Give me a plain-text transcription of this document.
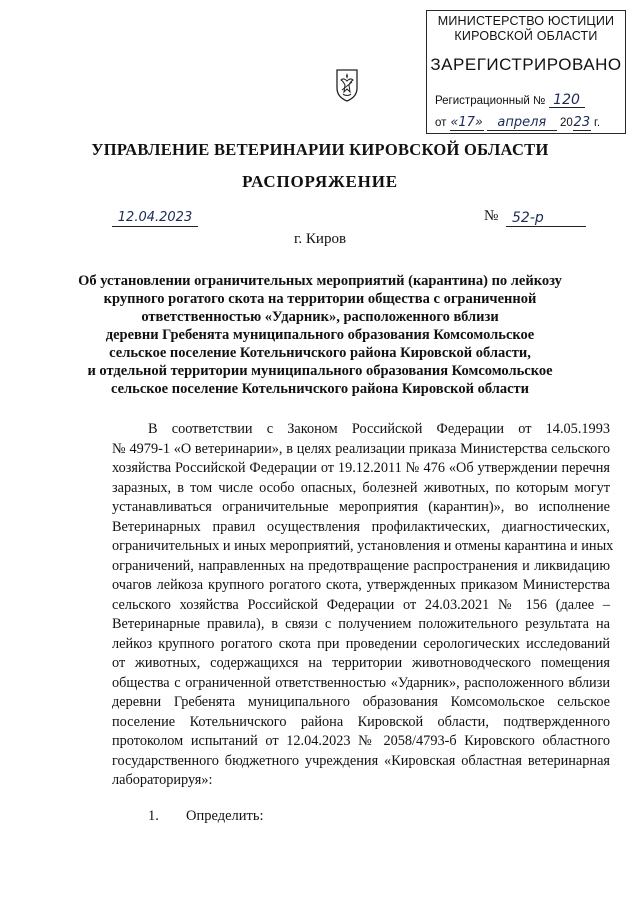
МИНИСТЕРСТВО ЮСТИЦИИ
КИРОВСКОЙ ОБЛАСТИ
ЗАРЕГИСТРИРОВАНО
Регистрационный № 120
от «17» апреля 2023 г.
УПРАВЛЕНИЕ ВЕТЕРИНАРИИ КИРОВСКОЙ ОБЛАСТИ
РАСПОРЯЖЕНИЕ
12.04.2023	№ 52-р
г. Киров
Об установлении ограничительных мероприятий (карантина) по лейкозу
крупного рогатого скота на территории общества с ограниченной
ответственностью «Ударник», расположенного вблизи
деревни Гребенята муниципального образования Комсомольское
сельское поселение Котельничского района Кировской области,
и отдельной территории муниципального образования Комсомольское
сельское поселение Котельничского района Кировской области
В соответствии с Законом Российской Федерации от 14.05.1993
№ 4979-1 «О ветеринарии», в целях реализации приказа Министерства сельского
хозяйства Российской Федерации от 19.12.2011 № 476 «Об утверждении перечня
заразных, в том числе особо опасных, болезней животных, по которым могут
устанавливаться ограничительные мероприятия (карантин)», во исполнение
Ветеринарных правил осуществления профилактических, диагностических,
ограничительных и иных мероприятий, установления и отмены карантина и иных
ограничений, направленных на предотвращение распространения и ликвидацию
очагов лейкоза крупного рогатого скота, утвержденных приказом Министерства
сельского хозяйства Российской Федерации от 24.03.2021 № 156 (далее –
Ветеринарные правила), в связи с получением положительного результата на
лейкоз крупного рогатого скота при проведении серологических исследований
от животных, содержащихся на территории животноводческого помещения
общества с ограниченной ответственностью «Ударник», расположенного вблизи
деревни Гребенята муниципального образования Комсомольское сельское
поселение Котельничского района Кировской области, подтвержденного
протоколом испытаний от 12.04.2023 № 2058/4793-б Кировского областного
государственного бюджетного учреждения «Кировская областная ветеринарная
лабораторируя»:
1. Определить:
